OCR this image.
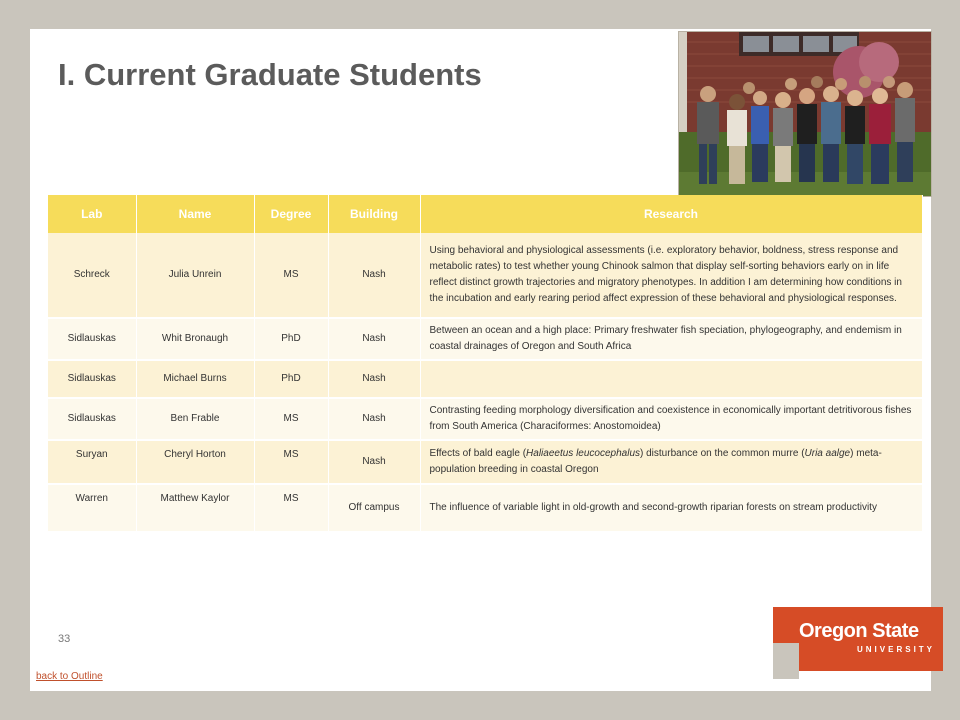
I. Current Graduate Students
Lab	Name	Degree	Building	Research
Schreck	Julia Unrein	MS	Nash	Using behavioral and physiological assessments (i.e. exploratory behavior, boldness, stress response and metabolic rates) to test whether young Chinook salmon that display self-sorting behaviors early on in life reflect distinct growth trajectories and migratory phenotypes. In addition I am determining how conditions in the incubation and early rearing period affect expression of these behavioral and physiological responses.
Sidlauskas	Whit Bronaugh	PhD	Nash	Between an ocean and a high place: Primary freshwater fish speciation, phylogeography, and endemism in coastal drainages of Oregon and South Africa
Sidlauskas	Michael Burns	PhD	Nash	
Sidlauskas	Ben Frable	MS	Nash	Contrasting feeding morphology diversification and coexistence in economically important detritivorous fishes from South America (Characiformes: Anostomoidea)
Suryan	Cheryl Horton	MS	Nash	Effects of bald eagle (Haliaeetus leucocephalus) disturbance on the common murre (Uria aalge) meta-population breeding in coastal Oregon
Warren	Matthew Kaylor	MS	Off campus	The influence of variable light in old-growth and second-growth riparian forests on stream productivity
33
back to Outline
Oregon State
UNIVERSITY
